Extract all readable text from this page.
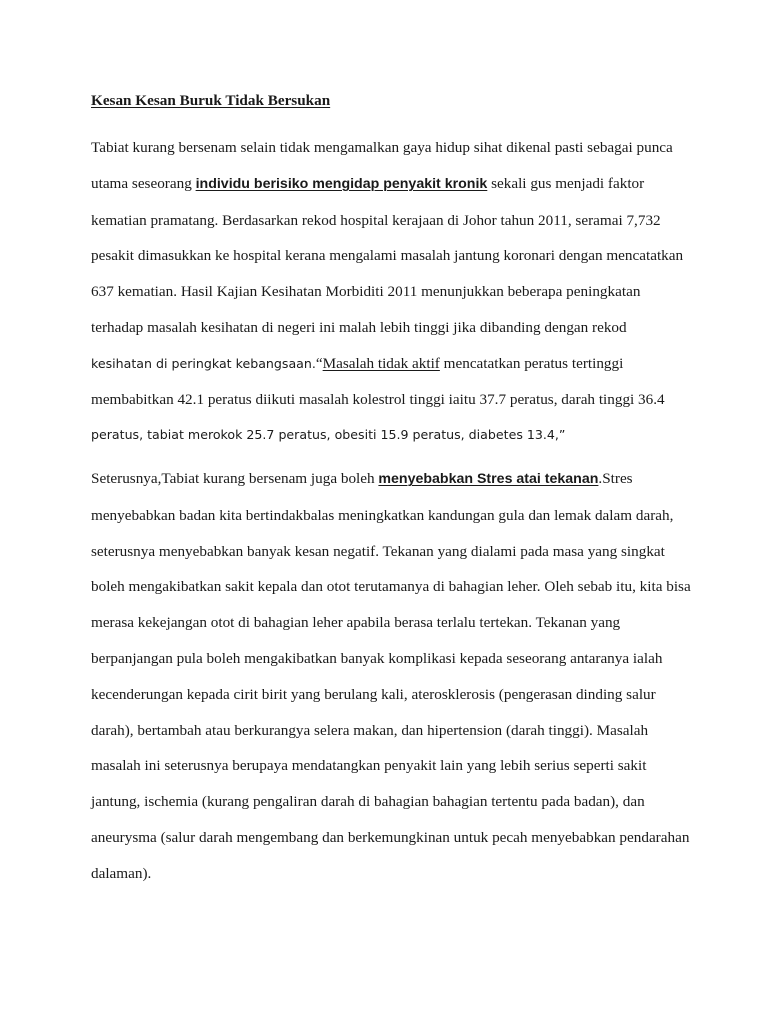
Kesan Kesan Buruk Tidak Bersukan

Tabiat kurang bersenam selain tidak mengamalkan gaya hidup sihat dikenal pasti sebagai punca utama seseorang individu berisiko mengidap penyakit kronik sekali gus menjadi faktor kematian pramatang. Berdasarkan rekod hospital kerajaan di Johor tahun 2011, seramai 7,732 pesakit dimasukkan ke hospital kerana mengalami masalah jantung koronari dengan mencatatkan 637 kematian. Hasil Kajian Kesihatan Morbiditi 2011 menunjukkan beberapa peningkatan terhadap masalah kesihatan di negeri ini malah lebih tinggi jika dibanding dengan rekod kesihatan di peringkat kebangsaan.“Masalah tidak aktif mencatatkan peratus tertinggi membabitkan 42.1 peratus diikuti masalah kolestrol tinggi iaitu 37.7 peratus, darah tinggi 36.4 peratus, tabiat merokok 25.7 peratus, obesiti 15.9 peratus, diabetes 13.4,”

Seterusnya,Tabiat kurang bersenam juga boleh menyebabkan Stres atai tekanan.Stres menyebabkan badan kita bertindakbalas meningkatkan kandungan gula dan lemak dalam darah, seterusnya menyebabkan banyak kesan negatif. Tekanan yang dialami pada masa yang singkat boleh mengakibatkan sakit kepala dan otot terutamanya di bahagian leher. Oleh sebab itu, kita bisa merasa kekejangan otot di bahagian leher apabila berasa terlalu tertekan. Tekanan yang berpanjangan pula boleh mengakibatkan banyak komplikasi kepada seseorang antaranya ialah kecenderungan kepada cirit birit yang berulang kali, aterosklerosis (pengerasan dinding salur darah), bertambah atau berkurangya selera makan, dan hipertension (darah tinggi). Masalah masalah ini seterusnya berupaya mendatangkan penyakit lain yang lebih serius seperti sakit jantung, ischemia (kurang pengaliran darah di bahagian bahagian tertentu pada badan), dan aneurysma (salur darah mengembang dan berkemungkinan untuk pecah menyebabkan pendarahan dalaman).
